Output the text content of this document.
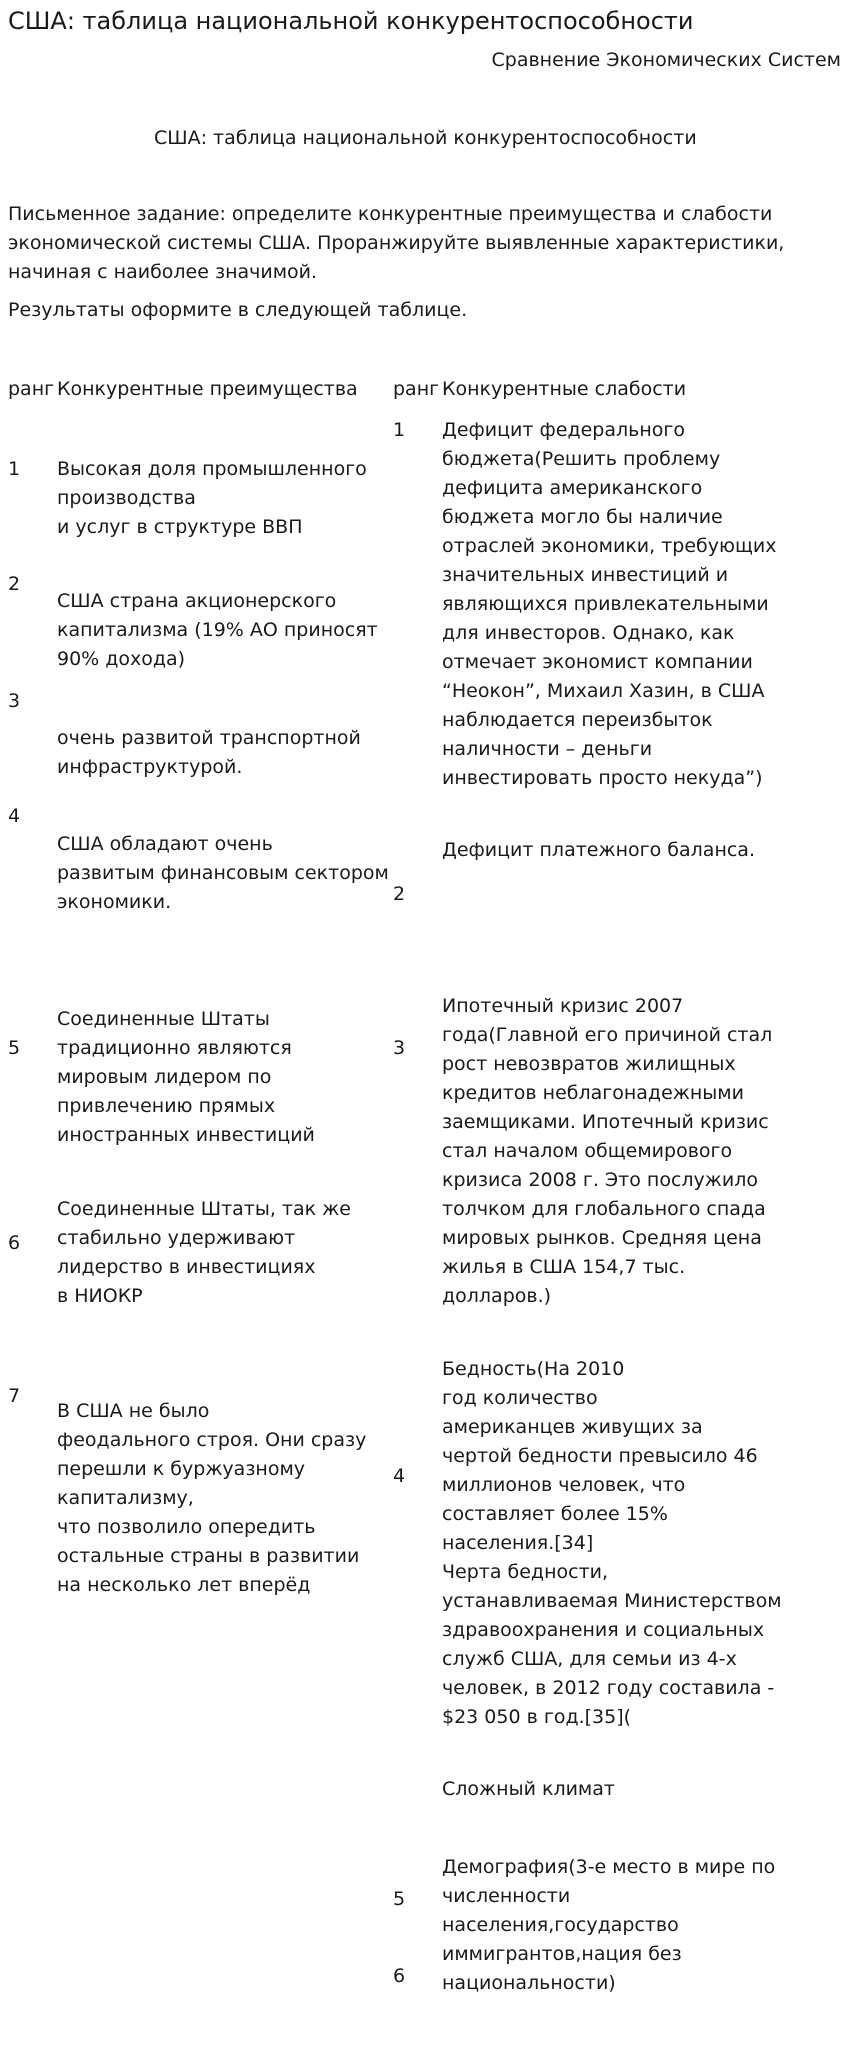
США: таблица национальной конкурентоспособности
Сравнение Экономических Систем
США: таблица национальной конкурентоспособности
Письменное задание: определите конкурентные преимущества и слабости
экономической системы США. Проранжируйте выявленные характеристики,
начиная с наиболее значимой.
Результаты оформите в следующей таблице.
ранг Конкурентные преимущества ранг Конкурентные слабости
1
2
3
4
5
6
7
Высокая доля промышленного
производства
и услуг в структуре ВВП
США страна акционерского
капитализма (19% АО приносят
90% дохода)
очень развитой транспортной
инфраструктурой.
США обладают очень
развитым финансовым сектором
экономики.
Соединенные Штаты
традиционно являются
мировым лидером по
привлечению прямых
иностранных инвестиций
Соединенные Штаты, так же
стабильно удерживают
лидерство в инвестициях
в НИОКР
В США не было
феодального строя. Они сразу
перешли к буржуазному
капитализму,
что позволило опередить
остальные страны в развитии
на несколько лет вперёд
1
2
3
4
5
6
Дефицит федерального
бюджета(Решить проблему
дефицита американского
бюджета могло бы наличие
отраслей экономики, требующих
значительных инвестиций и
являющихся привлекательными
для инвесторов. Однако, как
отмечает экономист компании
“Неокон”, Михаил Хазин, в США
наблюдается переизбыток
наличности – деньги
инвестировать просто некуда”)
Дефицит платежного баланса.
Ипотечный кризис 2007
года(Главной его причиной стал
рост невозвратов жилищных
кредитов неблагонадежными
заемщиками. Ипотечный кризис
стал началом общемирового
кризиса 2008 г. Это послужило
толчком для глобального спада
мировых рынков. Средняя цена
жилья в США 154,7 тыс.
долларов.)
Бедность(На 2010
год количество
американцев живущих за
чертой бедности превысило 46
миллионов человек, что
составляет более 15%
населения.[34]
Черта бедности,
устанавливаемая Министерством
здравоохранения и социальных
служб США, для семьи из 4-х
человек, в 2012 году составила -
$23 050 в год.[35](
Сложный климат
Демография(3-е место в мире по
численности
населения,государство
иммигрантов,нация без
национальности)
